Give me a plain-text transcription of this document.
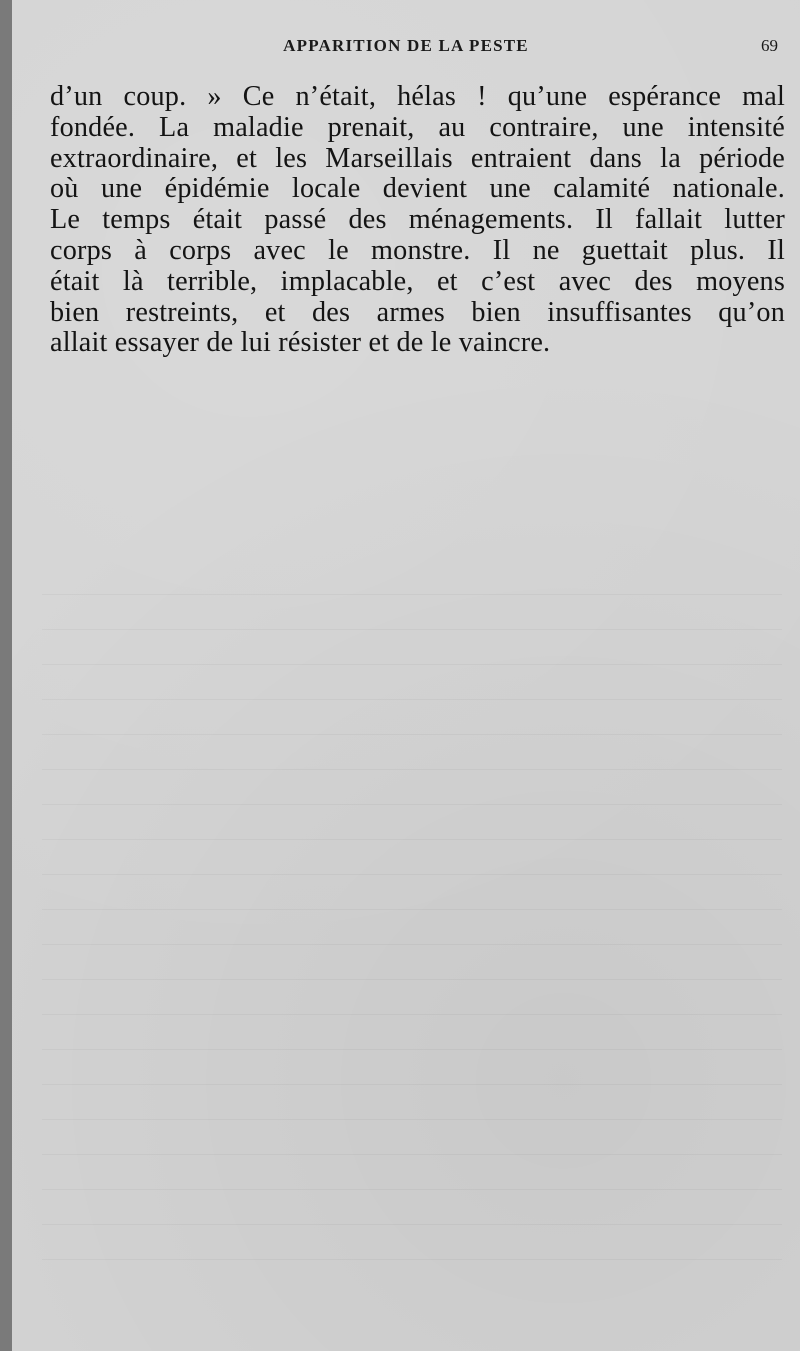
APPARITION DE LA PESTE	69
d’un coup. » Ce n’était, hélas ! qu’une espérance mal
fondée. La maladie prenait, au contraire, une intensité
extraordinaire, et les Marseillais entraient dans la période
où une épidémie locale devient une calamité nationale.
Le temps était passé des ménagements. Il fallait lutter
corps à corps avec le monstre. Il ne guettait plus. Il
était là terrible, implacable, et c’est avec des moyens
bien restreints, et des armes bien insuffisantes qu’on
allait essayer de lui résister et de le vaincre.
